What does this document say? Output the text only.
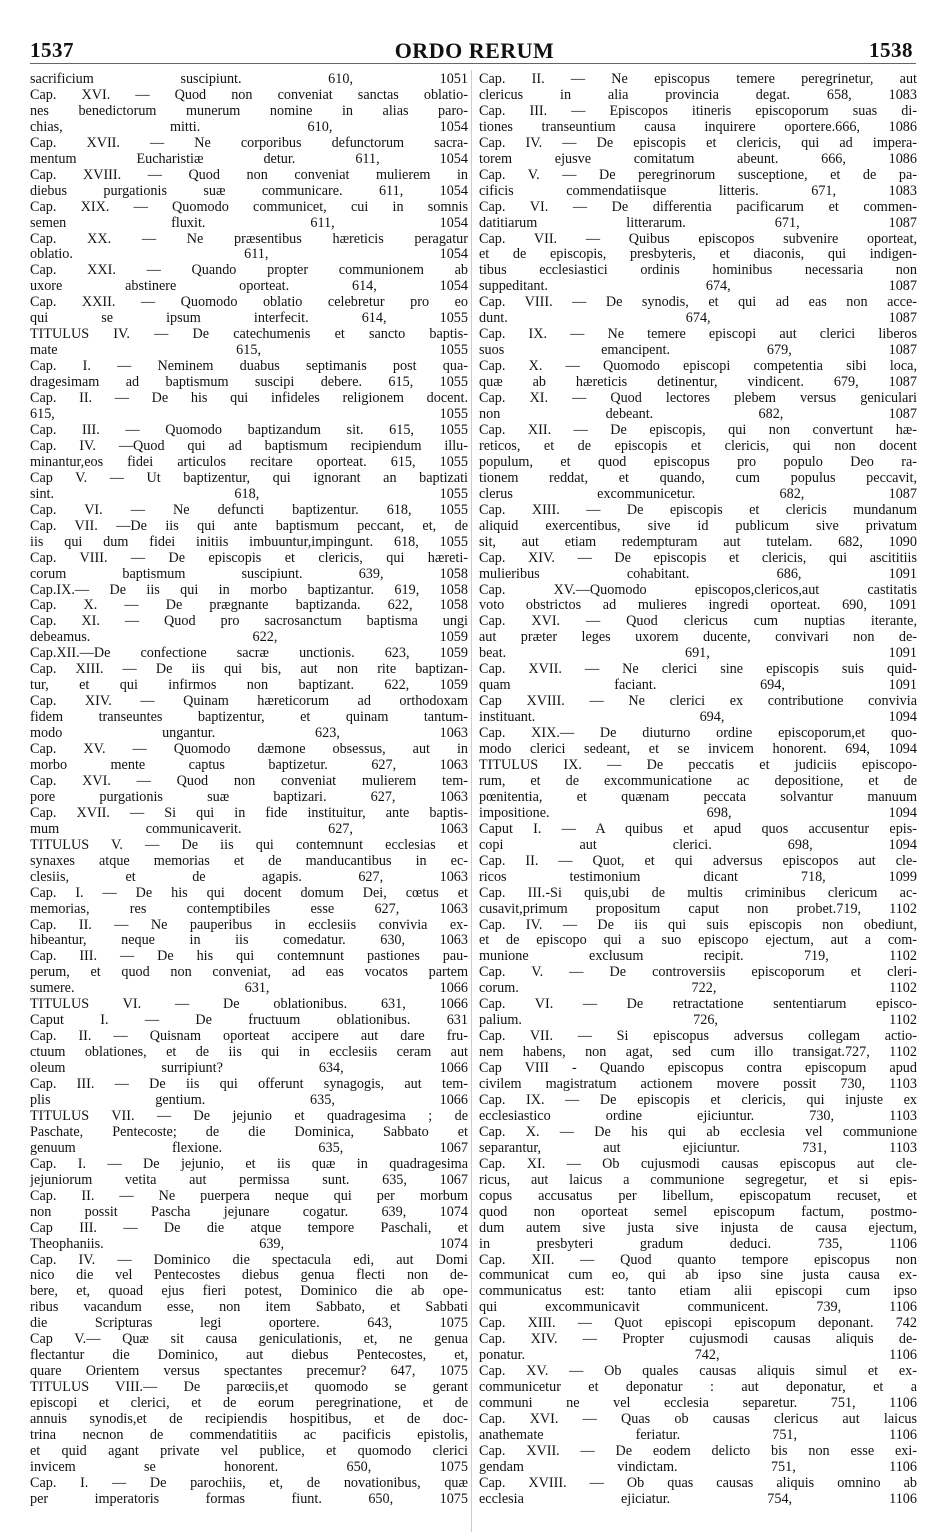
1537	ORDO RERUM	1538

sacrificium suscipiunt. 610, 1051

Cap. XVI. — Quod non conveniat sanctas oblatio-

nes benedictorum munerum nomine in alias paro-

chias, mitti. 610, 1054

Cap. XVII. — Ne corporibus defunctorum sacra-

mentum Eucharistiæ detur. 611, 1054

Cap. XVIII. — Quod non conveniat mulierem in

diebus purgationis suæ communicare. 611, 1054

Cap. XIX. — Quomodo communicet, cui in somnis

semen fluxit. 611, 1054

Cap. XX. — Ne præsentibus hæreticis peragatur

oblatio. 611, 1054

Cap. XXI. — Quando propter communionem ab

uxore abstinere oporteat. 614, 1054

Cap. XXII. — Quomodo oblatio celebretur pro eo

qui se ipsum interfecit. 614, 1055

TITULUS IV. — De catechumenis et sancto baptis-

mate 615, 1055

Cap. I. — Neminem duabus septimanis post qua-

dragesimam ad baptismum suscipi debere. 615, 1055

Cap. II. — De his qui infideles religionem docent.

615, 1055

Cap. III. — Quomodo baptizandum sit. 615, 1055

Cap. IV. —Quod qui ad baptismum recipiendum illu-

minantur,eos fidei articulos recitare oporteat. 615, 1055

Cap V. — Ut baptizentur, qui ignorant an baptizati

sint. 618, 1055

Cap. VI. — Ne defuncti baptizentur. 618, 1055

Cap. VII. —De iis qui ante baptismum peccant, et, de

iis qui dum fidei initiis imbuuntur,impingunt. 618, 1055

Cap. VIII. — De episcopis et clericis, qui hæreti-

corum baptismum suscipiunt. 639, 1058

Cap.IX.— De iis qui in morbo baptizantur. 619, 1058

Cap. X. — De prægnante baptizanda. 622, 1058

Cap. XI. — Quod pro sacrosanctum baptisma ungi

debeamus. 622, 1059

Cap.XII.—De confectione sacræ unctionis. 623, 1059

Cap. XIII. — De iis qui bis, aut non rite baptizan-

tur, et qui infirmos non baptizant. 622, 1059

Cap. XIV. — Quinam hæreticorum ad orthodoxam

fidem transeuntes baptizentur, et quinam tantum-

modo ungantur. 623, 1063

Cap. XV. — Quomodo dæmone obsessus, aut in

morbo mente captus baptizetur. 627, 1063

Cap. XVI. — Quod non conveniat mulierem tem-

pore purgationis suæ baptizari. 627, 1063

Cap. XVII. — Si qui in fide instituitur, ante baptis-

mum communicaverit. 627, 1063

TITULUS V. — De iis qui contemnunt ecclesias et

synaxes atque memorias et de manducantibus in ec-

clesiis, et de agapis. 627, 1063

Cap. I. — De his qui docent domum Dei, cœtus et

memorias, res contemptibiles esse 627, 1063

Cap. II. — Ne pauperibus in ecclesiis convivia ex-

hibeantur, neque in iis comedatur. 630, 1063

Cap. III. — De his qui contemnunt pastiones pau-

perum, et quod non conveniat, ad eas vocatos partem

sumere. 631, 1066

TITULUS VI. — De oblationibus. 631, 1066

Caput I. — De fructuum oblationibus. 631

Cap. II. — Quisnam oporteat accipere aut dare fru-

ctuum oblationes, et de iis qui in ecclesiis ceram aut

oleum surripiunt? 634, 1066

Cap. III. — De iis qui offerunt synagogis, aut tem-

plis gentium. 635, 1066

TITULUS VII. — De jejunio et quadragesima ; de

Paschate, Pentecoste; de die Dominica, Sabbato et

genuum flexione. 635, 1067

Cap. I. — De jejunio, et iis quæ in quadragesima

jejuniorum vetita aut permissa sunt. 635, 1067

Cap. II. — Ne puerpera neque qui per morbum

non possit Pascha jejunare cogatur. 639, 1074

Cap III. — De die atque tempore Paschali, et

Theophaniis. 639, 1074

Cap. IV. — Dominico die spectacula edi, aut Domi

nico die vel Pentecostes diebus genua flecti non de-

bere, et, quoad ejus fieri potest, Dominico die ab ope-

ribus vacandum esse, non item Sabbato, et Sabbati

die Scripturas legi oportere. 643, 1075

Cap V.— Quæ sit causa geniculationis, et, ne genua

flectantur die Dominico, aut diebus Pentecostes, et,

quare Orientem versus spectantes precemur? 647, 1075

TITULUS VIII.— De parœciis,et quomodo se gerant

episcopi et clerici, et de eorum peregrinatione, et de

annuis synodis,et de recipiendis hospitibus, et de doc-

trina necnon de commendatitiis ac pacificis epistolis,

et quid agant private vel publice, et quomodo clerici

invicem se honorent. 650, 1075

Cap. I. — De parochiis, et, de novationibus, quæ

per imperatoris formas fiunt. 650, 1075

Cap. II. — Ne episcopus temere peregrinetur, aut

clericus in alia provincia degat. 658, 1083

Cap. III. — Episcopos itineris episcoporum suas di-

tiones transeuntium causa inquirere oportere.666, 1086

Cap. IV. — De episcopis et clericis, qui ad impera-

torem ejusve comitatum abeunt. 666, 1086

Cap. V. — De peregrinorum susceptione, et de pa-

cificis commendatiisque litteris. 671, 1083

Cap. VI. — De differentia pacificarum et commen-

datitiarum litterarum. 671, 1087

Cap. VII. — Quibus episcopos subvenire oporteat,

et de episcopis, presbyteris, et diaconis, qui indigen-

tibus ecclesiastici ordinis hominibus necessaria non

suppeditant. 674, 1087

Cap. VIII. — De synodis, et qui ad eas non acce-

dunt. 674, 1087

Cap. IX. — Ne temere episcopi aut clerici liberos

suos emancipent. 679, 1087

Cap. X. — Quomodo episcopi competentia sibi loca,

quæ ab hæreticis detinentur, vindicent. 679, 1087

Cap. XI. — Quod lectores plebem versus geniculari

non debeant. 682, 1087

Cap. XII. — De episcopis, qui non convertunt hæ-

reticos, et de episcopis et clericis, qui non docent

populum, et quod episcopus pro populo Deo ra-

tionem reddat, et quando, cum populus peccavit,

clerus excommunicetur. 682, 1087

Cap. XIII. — De episcopis et clericis mundanum

aliquid exercentibus, sive id publicum sive privatum

sit, aut etiam redempturam aut tutelam. 682, 1090

Cap. XIV. — De episcopis et clericis, qui ascititiis

mulieribus cohabitant. 686, 1091

Cap. XV.—Quomodo episcopos,clericos,aut castitatis

voto obstrictos ad mulieres ingredi oporteat. 690, 1091

Cap. XVI. — Quod clericus cum nuptias iterante,

aut præter leges uxorem ducente, convivari non de-

beat. 691, 1091

Cap. XVII. — Ne clerici sine episcopis suis quid-

quam faciant. 694, 1091

Cap XVIII. — Ne clerici ex contributione convivia

instituant. 694, 1094

Cap. XIX.— De diuturno ordine episcoporum,et quo-

modo clerici sedeant, et se invicem honorent. 694, 1094

TITULUS IX. — De peccatis et judiciis episcopo-

rum, et de excommunicatione ac depositione, et de

pœnitentia, et quænam peccata solvantur manuum

impositione. 698, 1094

Caput I. — A quibus et apud quos accusentur epis-

copi aut clerici. 698, 1094

Cap. II. — Quot, et qui adversus episcopos aut cle-

ricos testimonium dicant 718, 1099

Cap. III.-Si quis,ubi de multis criminibus clericum ac-

cusavit,primum propositum caput non probet.719, 1102

Cap. IV. — De iis qui suis episcopis non obediunt,

et de episcopo qui a suo episcopo ejectum, aut a com-

munione exclusum recipit. 719, 1102

Cap. V. — De controversiis episcoporum et cleri-

corum. 722, 1102

Cap. VI. — De retractatione sententiarum episco-

palium. 726, 1102

Cap. VII. — Si episcopus adversus collegam actio-

nem habens, non agat, sed cum illo transigat.727, 1102

Cap VIII - Quando episcopus contra episcopum apud

civilem magistratum actionem movere possit 730, 1103

Cap. IX. — De episcopis et clericis, qui injuste ex

ecclesiastico ordine ejiciuntur. 730, 1103

Cap. X. — De his qui ab ecclesia vel communione

separantur, aut ejiciuntur. 731, 1103

Cap. XI. — Ob cujusmodi causas episcopus aut cle-

ricus, aut laicus a communione segregetur, et si epis-

copus accusatus per libellum, episcopatum recuset, et

quod non oporteat semel episcopum factum, postmo-

dum autem sive justa sive injusta de causa ejectum,

in presbyteri gradum deduci. 735, 1106

Cap. XII. — Quod quanto tempore episcopus non

communicat cum eo, qui ab ipso sine justa causa ex-

communicatus est: tanto etiam alii episcopi cum ipso

qui excommunicavit communicent. 739, 1106

Cap. XIII. — Quot episcopi episcopum deponant. 742

Cap. XIV. — Propter cujusmodi causas aliquis de-

ponatur. 742, 1106

Cap. XV. — Ob quales causas aliquis simul et ex-

communicetur et deponatur : aut deponatur, et a

communi ne vel ecclesia separetur. 751, 1106

Cap. XVI. — Quas ob causas clericus aut laicus

anathemate feriatur. 751, 1106

Cap. XVII. — De eodem delicto bis non esse exi-

gendam vindictam. 751, 1106

Cap. XVIII. — Ob quas causas aliquis omnino ab

ecclesia ejiciatur. 754, 1106
